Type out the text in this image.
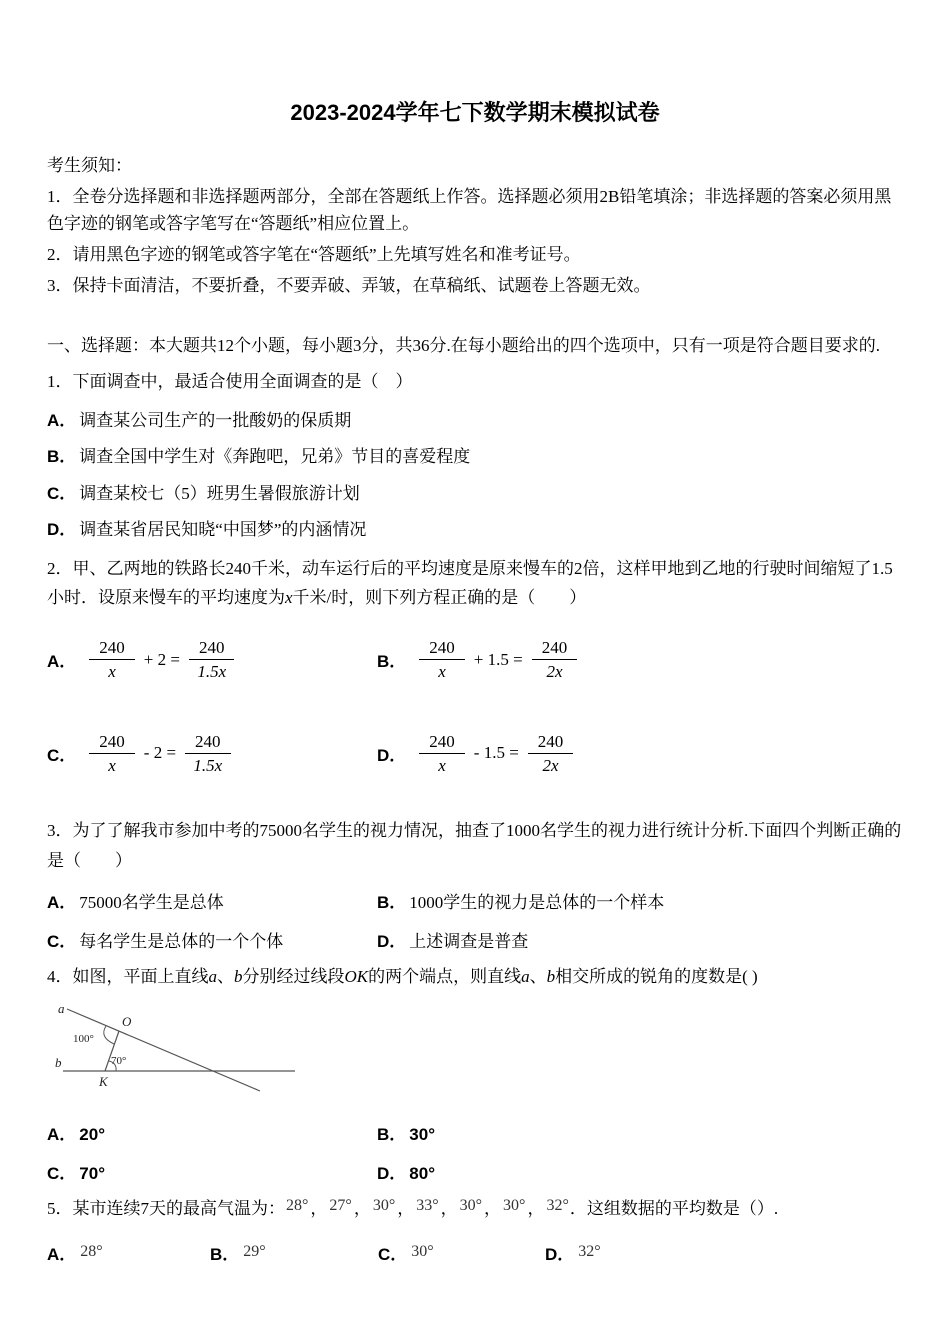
2023-2024学年七下数学期末模拟试卷

考生须知：

1．全卷分选择题和非选择题两部分，全部在答题纸上作答。选择题必须用2B铅笔填涂；非选择题的答案必须用黑色字迹的钢笔或答字笔写在“答题纸”相应位置上。

2．请用黑色字迹的钢笔或答字笔在“答题纸”上先填写姓名和准考证号。

3．保持卡面清洁，不要折叠，不要弄破、弄皱，在草稿纸、试题卷上答题无效。

一、选择题：本大题共12个小题，每小题3分，共36分.在每小题给出的四个选项中，只有一项是符合题目要求的.

1．下面调查中，最适合使用全面调查的是（　）

A． 调查某公司生产的一批酸奶的保质期
B． 调查全国中学生对《奔跑吧，兄弟》节目的喜爱程度
C． 调查某校七（5）班男生暑假旅游计划
D． 调查某省居民知晓“中国梦”的内涵情况

2．甲、乙两地的铁路长240千米，动车运行后的平均速度是原来慢车的2倍，这样甲地到乙地的行驶时间缩短了1.5小时．设原来慢车的平均速度为x千米/时，则下列方程正确的是（　　）

A． $\frac{240}{x} + 2 = \frac{240}{1.5x}$	B． $\frac{240}{x} + 1.5 = \frac{240}{2x}$
C． $\frac{240}{x} - 2 = \frac{240}{1.5x}$	D． $\frac{240}{x} - 1.5 = \frac{240}{2x}$

3．为了了解我市参加中考的75000名学生的视力情况，抽查了1000名学生的视力进行统计分析.下面四个判断正确的是（　　）

A． 75000名学生是总体	B． 1000学生的视力是总体的一个样本
C． 每名学生是总体的一个个体	D． 上述调查是普查

4．如图，平面上直线a、b分别经过线段OK的两个端点，则直线a、b相交所成的锐角的度数是( )

a
b
O
K
100°
70°
A． 20°	B． 30°
C． 70°	D． 80°

5．某市连续7天的最高气温为：28° ， 27° ， 30° ， 33° ， 30° ， 30° ， 32°．这组数据的平均数是（）.

A． 28°	B． 29°	C． 30°	D． 32°
